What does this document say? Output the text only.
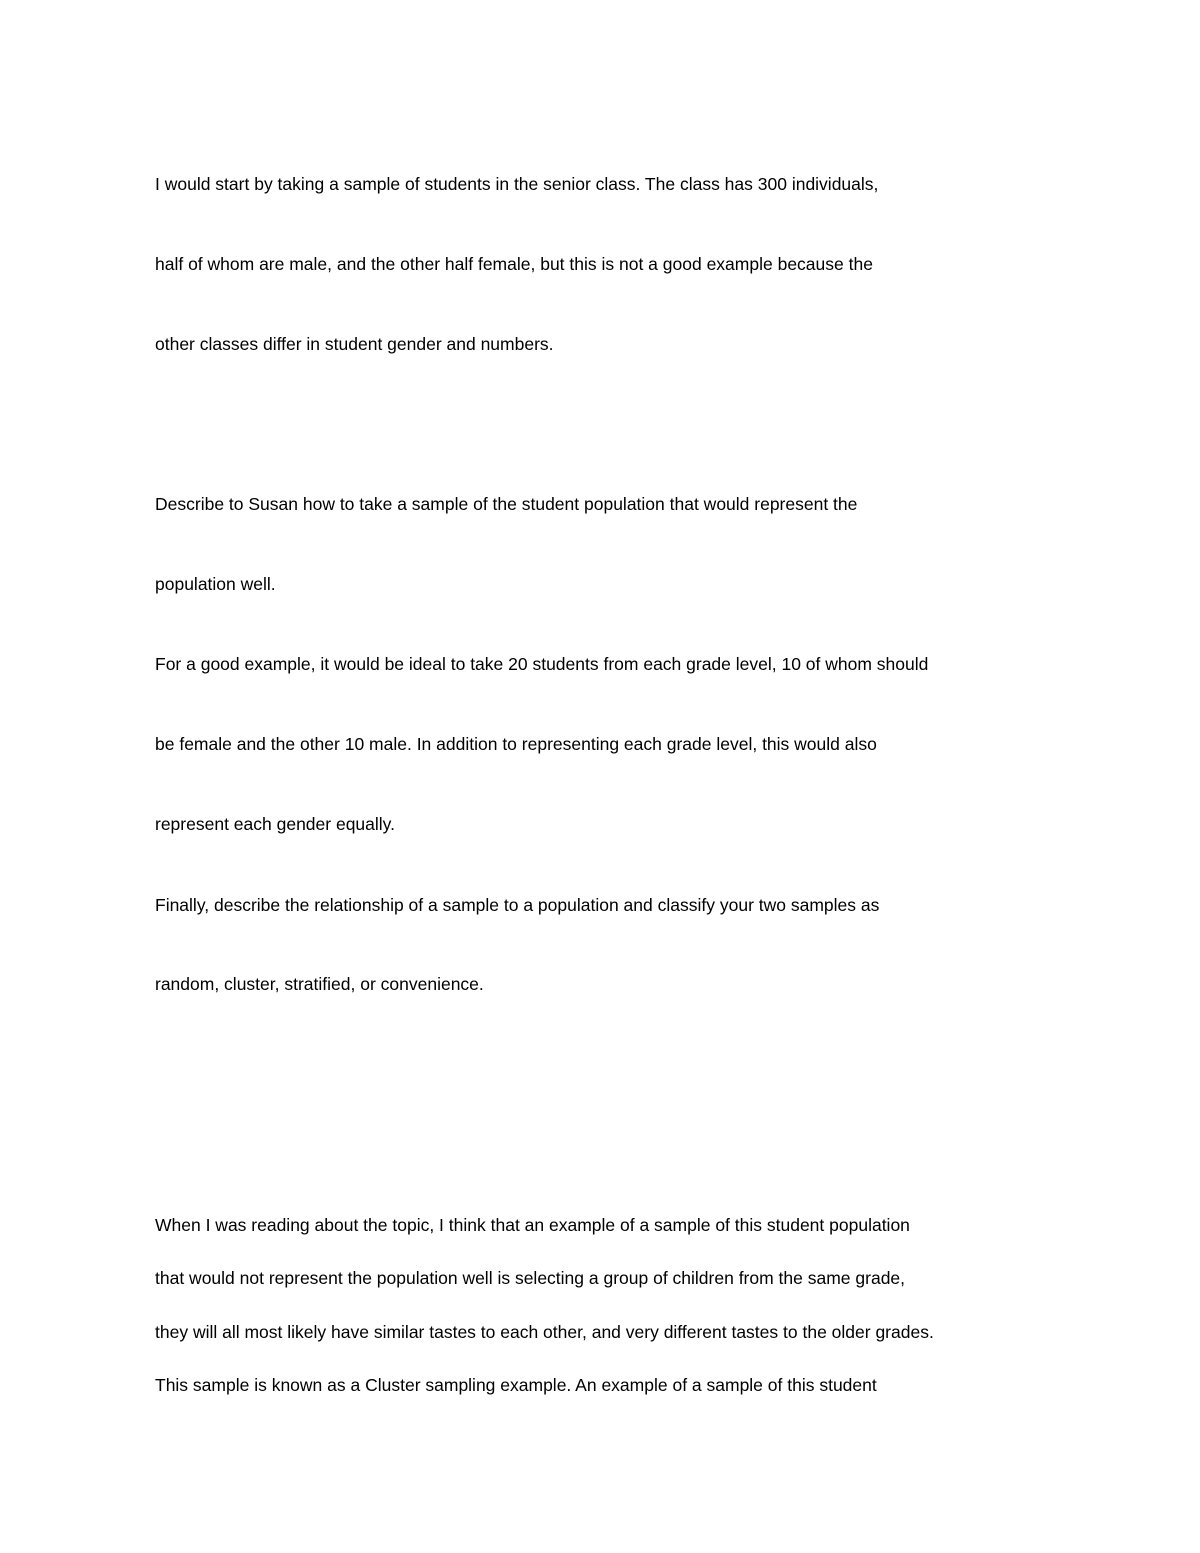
I would start by taking a sample of students in the senior class. The class has 300 individuals,

half of whom are male, and the other half female, but this is not a good example because the

other classes differ in student gender and numbers.

Describe to Susan how to take a sample of the student population that would represent the

population well.

For a good example, it would be ideal to take 20 students from each grade level, 10 of whom should

be female and the other 10 male. In addition to representing each grade level, this would also

represent each gender equally.

Finally, describe the relationship of a sample to a population and classify your two samples as

random, cluster, stratified, or convenience.

When I was reading about the topic, I think that an example of a sample of this student population

that would not represent the population well is selecting a group of children from the same grade,

they will all most likely have similar tastes to each other, and very different tastes to the older grades.

This sample is known as a Cluster sampling example. An example of a sample of this student
